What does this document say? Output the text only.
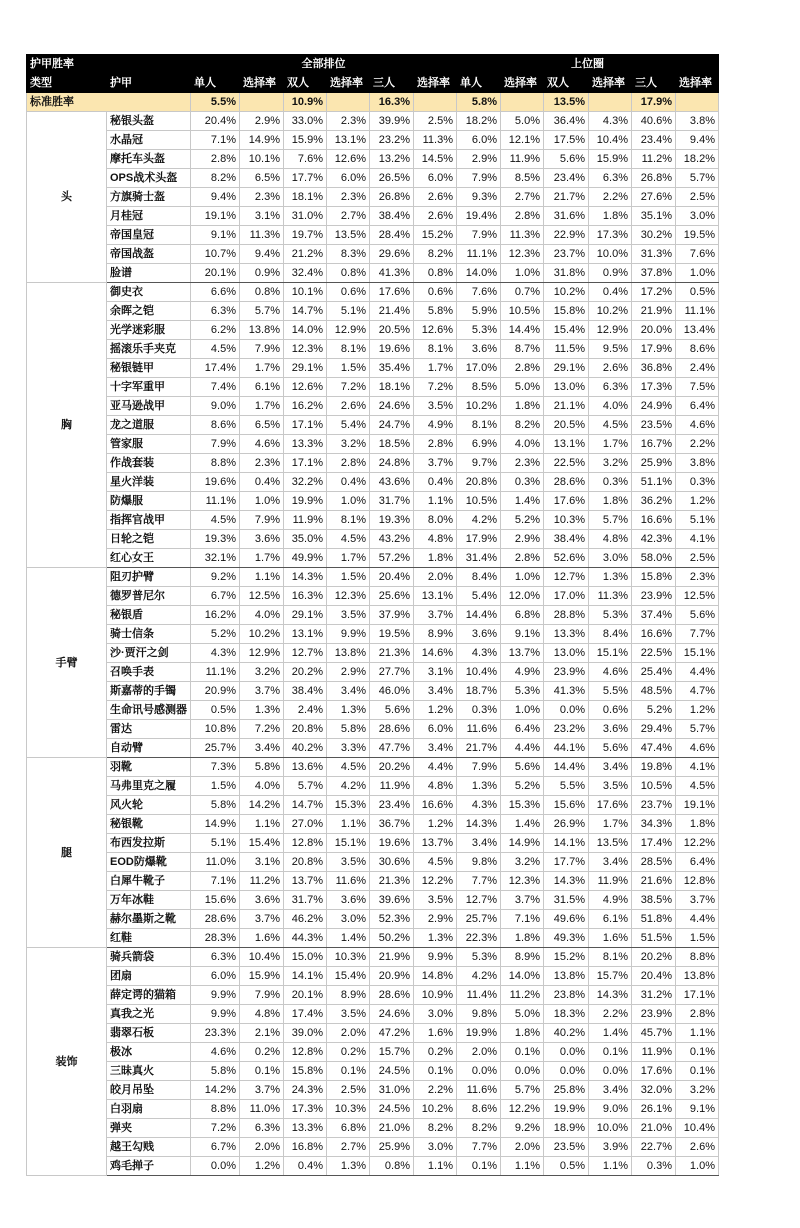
护甲胜率		全部排位						上位圈					
类型	护甲	单人	选择率	双人	选择率	三人	选择率	单人	选择率	双人	选择率	三人	选择率
标准胜率		5.5%		10.9%		16.3%		5.8%		13.5%		17.9%	
头	秘银头盔	20.4%	2.9%	33.0%	2.3%	39.9%	2.5%	18.2%	5.0%	36.4%	4.3%	40.6%	3.8%
	水晶冠	7.1%	14.9%	15.9%	13.1%	23.2%	11.3%	6.0%	12.1%	17.5%	10.4%	23.4%	9.4%
	摩托车头盔	2.8%	10.1%	7.6%	12.6%	13.2%	14.5%	2.9%	11.9%	5.6%	15.9%	11.2%	18.2%
	OPS战术头盔	8.2%	6.5%	17.7%	6.0%	26.5%	6.0%	7.9%	8.5%	23.4%	6.3%	26.8%	5.7%
	方旗骑士盔	9.4%	2.3%	18.1%	2.3%	26.8%	2.6%	9.3%	2.7%	21.7%	2.2%	27.6%	2.5%
	月桂冠	19.1%	3.1%	31.0%	2.7%	38.4%	2.6%	19.4%	2.8%	31.6%	1.8%	35.1%	3.0%
	帝国皇冠	9.1%	11.3%	19.7%	13.5%	28.4%	15.2%	7.9%	11.3%	22.9%	17.3%	30.2%	19.5%
	帝国战盔	10.7%	9.4%	21.2%	8.3%	29.6%	8.2%	11.1%	12.3%	23.7%	10.0%	31.3%	7.6%
	脸谱	20.1%	0.9%	32.4%	0.8%	41.3%	0.8%	14.0%	1.0%	31.8%	0.9%	37.8%	1.0%
胸	御史衣	6.6%	0.8%	10.1%	0.6%	17.6%	0.6%	7.6%	0.7%	10.2%	0.4%	17.2%	0.5%
	余晖之铠	6.3%	5.7%	14.7%	5.1%	21.4%	5.8%	5.9%	10.5%	15.8%	10.2%	21.9%	11.1%
	光学迷彩服	6.2%	13.8%	14.0%	12.9%	20.5%	12.6%	5.3%	14.4%	15.4%	12.9%	20.0%	13.4%
	摇滚乐手夹克	4.5%	7.9%	12.3%	8.1%	19.6%	8.1%	3.6%	8.7%	11.5%	9.5%	17.9%	8.6%
	秘银链甲	17.4%	1.7%	29.1%	1.5%	35.4%	1.7%	17.0%	2.8%	29.1%	2.6%	36.8%	2.4%
	十字军重甲	7.4%	6.1%	12.6%	7.2%	18.1%	7.2%	8.5%	5.0%	13.0%	6.3%	17.3%	7.5%
	亚马逊战甲	9.0%	1.7%	16.2%	2.6%	24.6%	3.5%	10.2%	1.8%	21.1%	4.0%	24.9%	6.4%
	龙之道服	8.6%	6.5%	17.1%	5.4%	24.7%	4.9%	8.1%	8.2%	20.5%	4.5%	23.5%	4.6%
	管家服	7.9%	4.6%	13.3%	3.2%	18.5%	2.8%	6.9%	4.0%	13.1%	1.7%	16.7%	2.2%
	作战套装	8.8%	2.3%	17.1%	2.8%	24.8%	3.7%	9.7%	2.3%	22.5%	3.2%	25.9%	3.8%
	星火洋装	19.6%	0.4%	32.2%	0.4%	43.6%	0.4%	20.8%	0.3%	28.6%	0.3%	51.1%	0.3%
	防爆服	11.1%	1.0%	19.9%	1.0%	31.7%	1.1%	10.5%	1.4%	17.6%	1.8%	36.2%	1.2%
	指挥官战甲	4.5%	7.9%	11.9%	8.1%	19.3%	8.0%	4.2%	5.2%	10.3%	5.7%	16.6%	5.1%
	日轮之铠	19.3%	3.6%	35.0%	4.5%	43.2%	4.8%	17.9%	2.9%	38.4%	4.8%	42.3%	4.1%
	红心女王	32.1%	1.7%	49.9%	1.7%	57.2%	1.8%	31.4%	2.8%	52.6%	3.0%	58.0%	2.5%
手臂	阻刃护臂	9.2%	1.1%	14.3%	1.5%	20.4%	2.0%	8.4%	1.0%	12.7%	1.3%	15.8%	2.3%
	德罗普尼尔	6.7%	12.5%	16.3%	12.3%	25.6%	13.1%	5.4%	12.0%	17.0%	11.3%	23.9%	12.5%
	秘银盾	16.2%	4.0%	29.1%	3.5%	37.9%	3.7%	14.4%	6.8%	28.8%	5.3%	37.4%	5.6%
	骑士信条	5.2%	10.2%	13.1%	9.9%	19.5%	8.9%	3.6%	9.1%	13.3%	8.4%	16.6%	7.7%
	沙·贾汗之剑	4.3%	12.9%	12.7%	13.8%	21.3%	14.6%	4.3%	13.7%	13.0%	15.1%	22.5%	15.1%
	召唤手表	11.1%	3.2%	20.2%	2.9%	27.7%	3.1%	10.4%	4.9%	23.9%	4.6%	25.4%	4.4%
	斯嘉蒂的手镯	20.9%	3.7%	38.4%	3.4%	46.0%	3.4%	18.7%	5.3%	41.3%	5.5%	48.5%	4.7%
	生命讯号感测器	0.5%	1.3%	2.4%	1.3%	5.6%	1.2%	0.3%	1.0%	0.0%	0.6%	5.2%	1.2%
	雷达	10.8%	7.2%	20.8%	5.8%	28.6%	6.0%	11.6%	6.4%	23.2%	3.6%	29.4%	5.7%
	自动臂	25.7%	3.4%	40.2%	3.3%	47.7%	3.4%	21.7%	4.4%	44.1%	5.6%	47.4%	4.6%
腿	羽靴	7.3%	5.8%	13.6%	4.5%	20.2%	4.4%	7.9%	5.6%	14.4%	3.4%	19.8%	4.1%
	马弗里克之履	1.5%	4.0%	5.7%	4.2%	11.9%	4.8%	1.3%	5.2%	5.5%	3.5%	10.5%	4.5%
	风火轮	5.8%	14.2%	14.7%	15.3%	23.4%	16.6%	4.3%	15.3%	15.6%	17.6%	23.7%	19.1%
	秘银靴	14.9%	1.1%	27.0%	1.1%	36.7%	1.2%	14.3%	1.4%	26.9%	1.7%	34.3%	1.8%
	布西发拉斯	5.1%	15.4%	12.8%	15.1%	19.6%	13.7%	3.4%	14.9%	14.1%	13.5%	17.4%	12.2%
	EOD防爆靴	11.0%	3.1%	20.8%	3.5%	30.6%	4.5%	9.8%	3.2%	17.7%	3.4%	28.5%	6.4%
	白犀牛靴子	7.1%	11.2%	13.7%	11.6%	21.3%	12.2%	7.7%	12.3%	14.3%	11.9%	21.6%	12.8%
	万年冰鞋	15.6%	3.6%	31.7%	3.6%	39.6%	3.5%	12.7%	3.7%	31.5%	4.9%	38.5%	3.7%
	赫尔墨斯之靴	28.6%	3.7%	46.2%	3.0%	52.3%	2.9%	25.7%	7.1%	49.6%	6.1%	51.8%	4.4%
	红鞋	28.3%	1.6%	44.3%	1.4%	50.2%	1.3%	22.3%	1.8%	49.3%	1.6%	51.5%	1.5%
装饰	骑兵箭袋	6.3%	10.4%	15.0%	10.3%	21.9%	9.9%	5.3%	8.9%	15.2%	8.1%	20.2%	8.8%
	团扇	6.0%	15.9%	14.1%	15.4%	20.9%	14.8%	4.2%	14.0%	13.8%	15.7%	20.4%	13.8%
	薛定谔的猫箱	9.9%	7.9%	20.1%	8.9%	28.6%	10.9%	11.4%	11.2%	23.8%	14.3%	31.2%	17.1%
	真我之光	9.9%	4.8%	17.4%	3.5%	24.6%	3.0%	9.8%	5.0%	18.3%	2.2%	23.9%	2.8%
	翡翠石板	23.3%	2.1%	39.0%	2.0%	47.2%	1.6%	19.9%	1.8%	40.2%	1.4%	45.7%	1.1%
	极冰	4.6%	0.2%	12.8%	0.2%	15.7%	0.2%	2.0%	0.1%	0.0%	0.1%	11.9%	0.1%
	三昧真火	5.8%	0.1%	15.8%	0.1%	24.5%	0.1%	0.0%	0.0%	0.0%	0.0%	17.6%	0.1%
	皎月吊坠	14.2%	3.7%	24.3%	2.5%	31.0%	2.2%	11.6%	5.7%	25.8%	3.4%	32.0%	3.2%
	白羽扇	8.8%	11.0%	17.3%	10.3%	24.5%	10.2%	8.6%	12.2%	19.9%	9.0%	26.1%	9.1%
	弹夹	7.2%	6.3%	13.3%	6.8%	21.0%	8.2%	8.2%	9.2%	18.9%	10.0%	21.0%	10.4%
	越王勾贱	6.7%	2.0%	16.8%	2.7%	25.9%	3.0%	7.7%	2.0%	23.5%	3.9%	22.7%	2.6%
	鸡毛掸子	0.0%	1.2%	0.4%	1.3%	0.8%	1.1%	0.1%	1.1%	0.5%	1.1%	0.3%	1.0%
